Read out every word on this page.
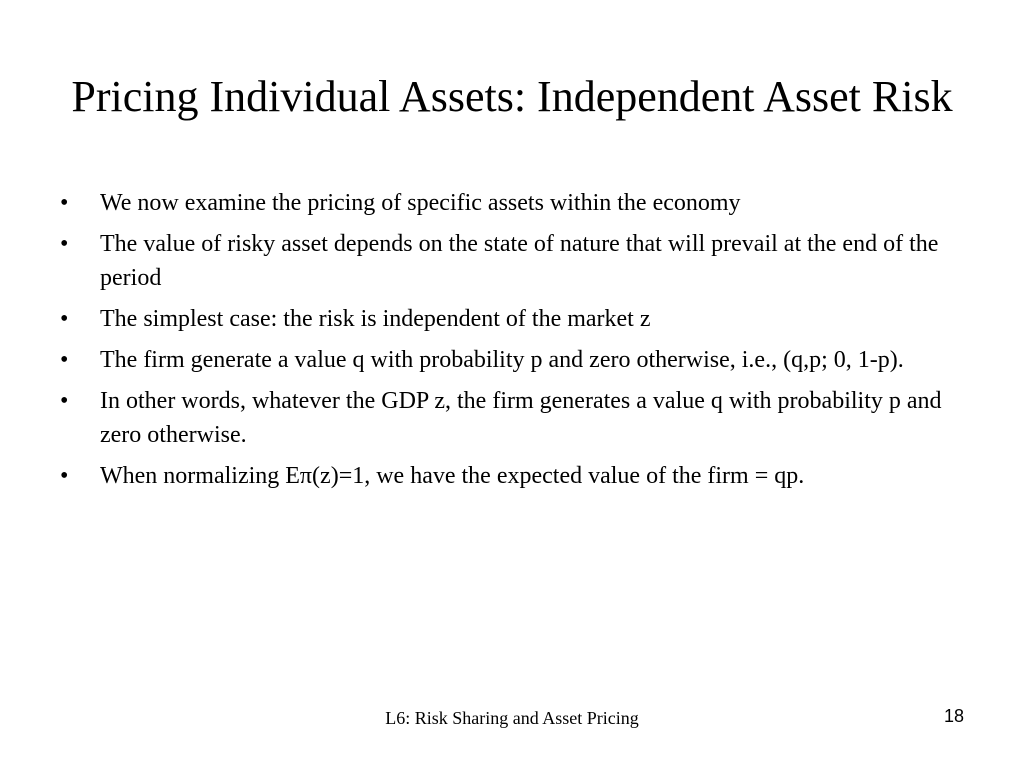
Pricing Individual Assets: Independent Asset Risk
•	We now examine the pricing of specific assets within the economy
•	The value of risky asset depends on the state of nature that will prevail at the end of the period
•	The simplest case: the risk is independent of the market z
•	The firm generate a value q with probability p and zero otherwise, i.e., (q,p; 0, 1-p).
•	In other words, whatever the GDP z, the firm generates a value q with probability p and zero otherwise.
•	When normalizing Eπ(z)=1, we have the expected value of the firm = qp.
L6: Risk Sharing and Asset Pricing	18
